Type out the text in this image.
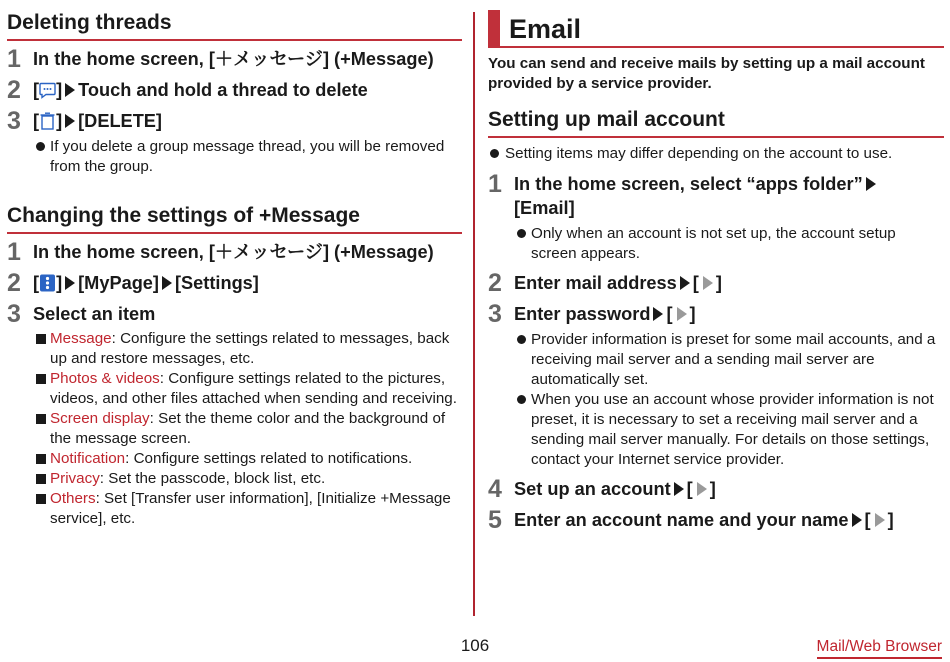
Deleting threads
1 In the home screen, [＋メッセージ] (+Message)
2 [ ] Touch and hold a thread to delete
3 [ ] [DELETE]
If you delete a group message thread, you will be removed from the group.
Changing the settings of +Message
1 In the home screen, [＋メッセージ] (+Message)
2 [ ] [MyPage] [Settings]
3 Select an item
Message: Configure the settings related to messages, back up and restore messages, etc.
Photos & videos: Configure settings related to the pictures, videos, and other files attached when sending and receiving.
Screen display: Set the theme color and the background of the message screen.
Notification: Configure settings related to notifications.
Privacy: Set the passcode, block list, etc.
Others: Set [Transfer user information], [Initialize +Message service], etc.
Email
You can send and receive mails by setting up a mail account provided by a service provider.
Setting up mail account
Setting items may differ depending on the account to use.
1 In the home screen, select “apps folder”
[Email]
Only when an account is not set up, the account setup screen appears.
2 Enter mail address [ ]
3 Enter password [ ]
Provider information is preset for some mail accounts, and a receiving mail server and a sending mail server are automatically set.
When you use an account whose provider information is not preset, it is necessary to set a receiving mail server and a sending mail server manually. For details on those settings, contact your Internet service provider.
4 Set up an account [ ]
5 Enter an account name and your name [ ]
106	Mail/Web Browser
